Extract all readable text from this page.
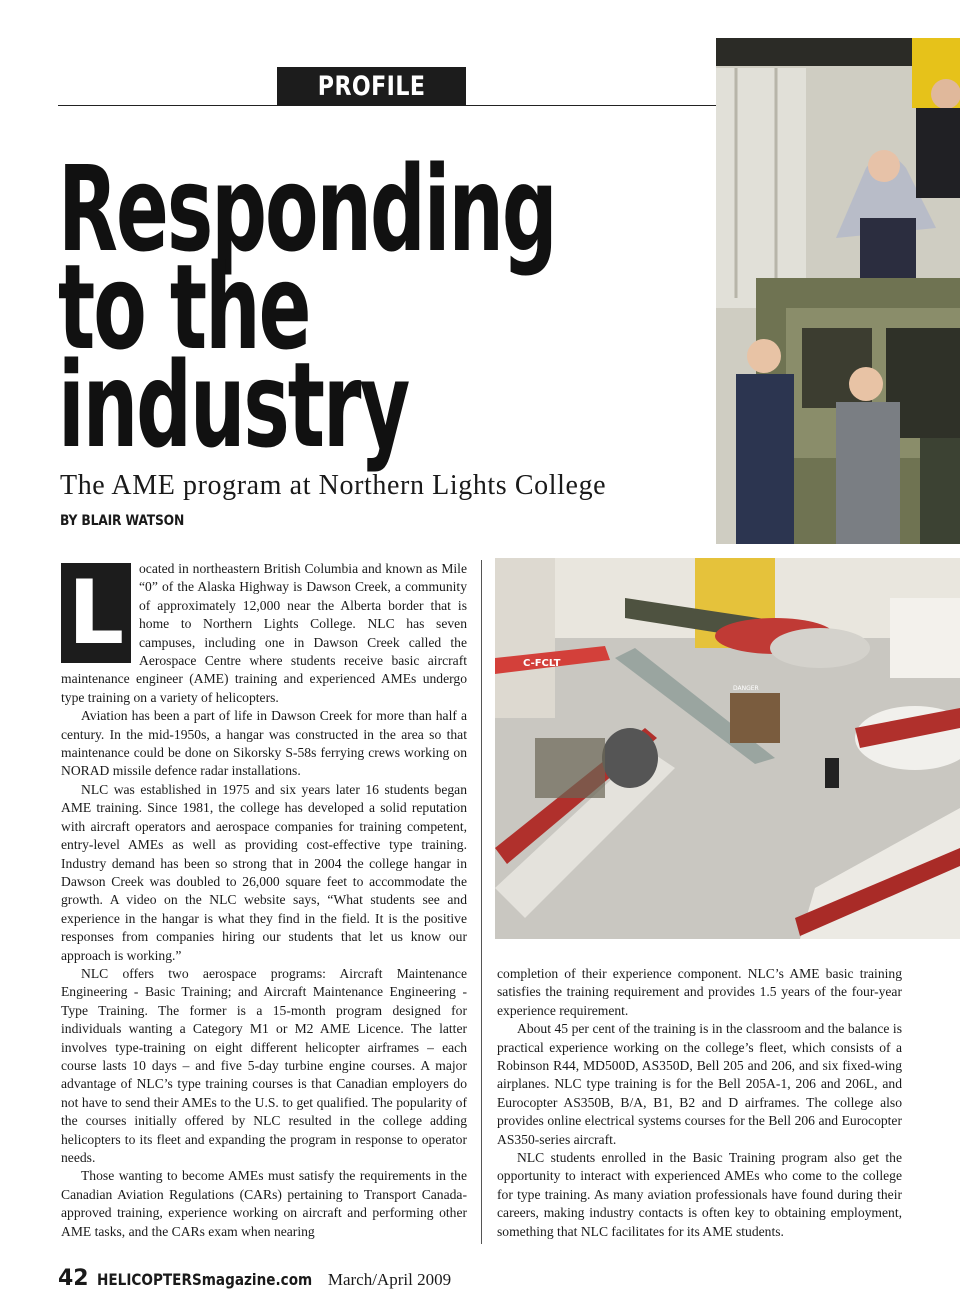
PROFILE
Responding
to the
industry
The AME program at Northern Lights College
BY BLAIR WATSON
C-FCLT
DANGER
L	ocated in northeastern British Columbia and known as Mile “0” of the Alaska Highway is Dawson Creek, a community of approximately 12,000 near the Alberta border that is home to Northern Lights College. NLC has seven campuses, including one in Dawson Creek called the Aerospace Centre where students receive basic aircraft maintenance engineer (AME) training and experienced AMEs undergo type training on a variety of helicopters.

Aviation has been a part of life in Dawson Creek for more than half a century. In the mid-1950s, a hangar was constructed in the area so that maintenance could be done on Sikorsky S-58s ferrying crews working on NORAD missile defence radar installations.

NLC was established in 1975 and six years later 16 students began AME training. Since 1981, the college has developed a solid reputation with aircraft operators and aerospace companies for training competent, entry-level AMEs as well as providing cost-effective type training. Industry demand has been so strong that in 2004 the college hangar in Dawson Creek was doubled to 26,000 square feet to accommodate the growth. A video on the NLC website says, “What students see and experience in the hangar is what they find in the field. It is the positive responses from companies hiring our students that let us know our approach is working.”

NLC offers two aerospace programs: Aircraft Maintenance Engineering - Basic Training; and Aircraft Maintenance Engineering - Type Training. The former is a 15-month program designed for individuals wanting a Category M1 or M2 AME Licence. The latter involves type-training on eight different helicopter airframes – each course lasts 10 days – and five 5-day turbine engine courses. A major advantage of NLC’s type training courses is that Canadian employers do not have to send their AMEs to the U.S. to get qualified. The popularity of the courses initially offered by NLC resulted in the college adding helicopters to its fleet and expanding the program in response to operator needs.

Those wanting to become AMEs must satisfy the requirements in the Canadian Aviation Regulations (CARs) pertaining to Transport Canada-approved training, experience working on aircraft and performing other AME tasks, and the CARs exam when nearing

completion of their experience component. NLC’s AME basic training satisfies the training requirement and provides 1.5 years of the four-year experience requirement.

About 45 per cent of the training is in the classroom and the balance is practical experience working on the college’s fleet, which consists of a Robinson R44, MD500D, AS350D, Bell 205 and 206, and six fixed-wing airplanes. NLC type training is for the Bell 205A-1, 206 and 206L, and Eurocopter AS350B, B/A, B1, B2 and D airframes. The college also provides online electrical systems courses for the Bell 206 and Eurocopter AS350-series aircraft.

NLC students enrolled in the Basic Training program also get the opportunity to interact with experienced AMEs who come to the college for type training. As many aviation professionals have found during their careers, making industry contacts is often key to obtaining employment, something that NLC facilitates for its AME students.

42 HELICOPTERSmagazine.com March/April 2009
